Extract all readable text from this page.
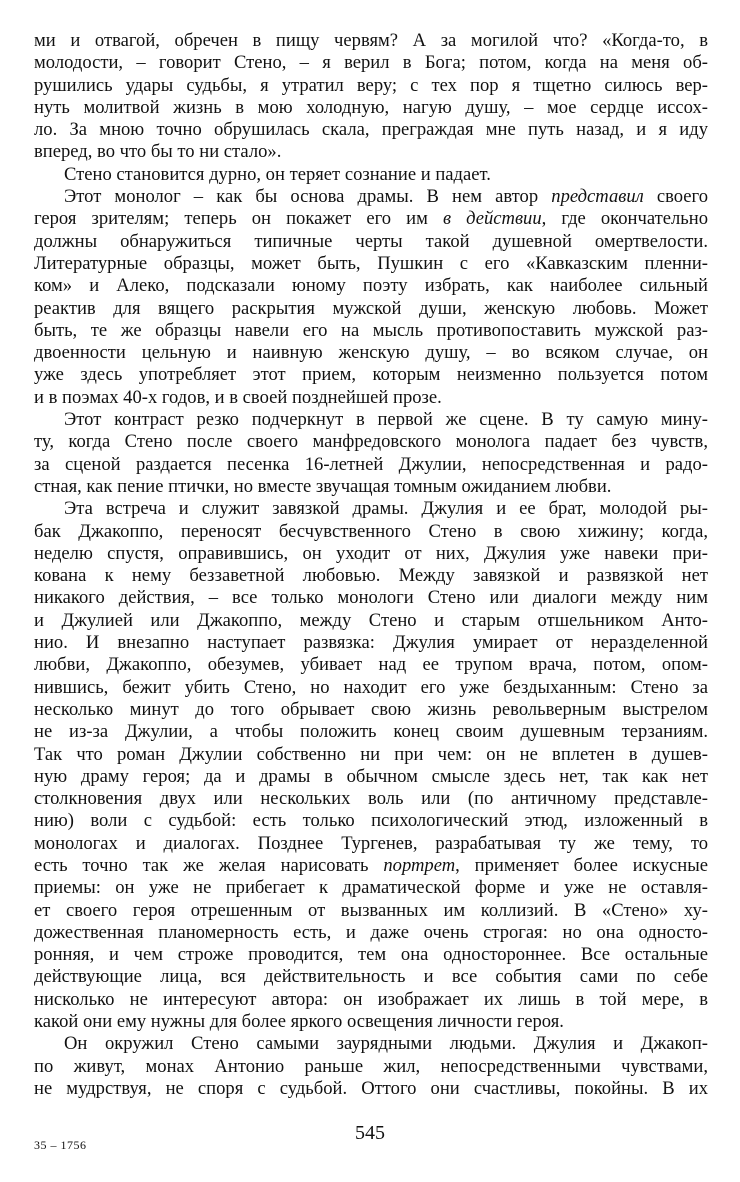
ми и отвагой, обречен в пищу червям? А за могилой что? «Когда-то, в
молодости, – говорит Стено, – я верил в Бога; потом, когда на меня об-
рушились удары судьбы, я утратил веру; с тех пор я тщетно силюсь вер-
нуть молитвой жизнь в мою холодную, нагую душу, – мое сердце иссох-
ло. За мною точно обрушилась скала, преграждая мне путь назад, и я иду
вперед, во что бы то ни стало».

Стено становится дурно, он теряет сознание и падает.

Этот монолог – как бы основа драмы. В нем автор представил своего
героя зрителям; теперь он покажет его им в действии, где окончательно
должны обнаружиться типичные черты такой душевной омертвелости.
Литературные образцы, может быть, Пушкин с его «Кавказским пленни-
ком» и Алеко, подсказали юному поэту избрать, как наиболее сильный
реактив для вящего раскрытия мужской души, женскую любовь. Может
быть, те же образцы навели его на мысль противопоставить мужской раз-
двоенности цельную и наивную женскую душу, – во всяком случае, он
уже здесь употребляет этот прием, которым неизменно пользуется потом
и в поэмах 40-х годов, и в своей позднейшей прозе.

Этот контраст резко подчеркнут в первой же сцене. В ту самую мину-
ту, когда Стено после своего манфредовского монолога падает без чувств,
за сценой раздается песенка 16-летней Джулии, непосредственная и радо-
стная, как пение птички, но вместе звучащая томным ожиданием любви.

Эта встреча и служит завязкой драмы. Джулия и ее брат, молодой ры-
бак Джакоппо, переносят бесчувственного Стено в свою хижину; когда,
неделю спустя, оправившись, он уходит от них, Джулия уже навеки при-
кована к нему беззаветной любовью. Между завязкой и развязкой нет
никакого действия, – все только монологи Стено или диалоги между ним
и Джулией или Джакоппо, между Стено и старым отшельником Анто-
нио. И внезапно наступает развязка: Джулия умирает от неразделенной
любви, Джакоппо, обезумев, убивает над ее трупом врача, потом, опом-
нившись, бежит убить Стено, но находит его уже бездыханным: Стено за
несколько минут до того обрывает свою жизнь револьверным выстрелом
не из-за Джулии, а чтобы положить конец своим душевным терзаниям.
Так что роман Джулии собственно ни при чем: он не вплетен в душев-
ную драму героя; да и драмы в обычном смысле здесь нет, так как нет
столкновения двух или нескольких воль или (по античному представле-
нию) воли с судьбой: есть только психологический этюд, изложенный в
монологах и диалогах. Позднее Тургенев, разрабатывая ту же тему, то
есть точно так же желая нарисовать портрет, применяет более искусные
приемы: он уже не прибегает к драматической форме и уже не оставля-
ет своего героя отрешенным от вызванных им коллизий. В «Стено» ху-
дожественная планомерность есть, и даже очень строгая: но она односто-
ронняя, и чем строже проводится, тем она одностороннее. Все остальные
действующие лица, вся действительность и все события сами по себе
нисколько не интересуют автора: он изображает их лишь в той мере, в
какой они ему нужны для более яркого освещения личности героя.

Он окружил Стено самыми заурядными людьми. Джулия и Джакоп-
по живут, монах Антонио раньше жил, непосредственными чувствами,
не мудрствуя, не споря с судьбой. Оттого они счастливы, покойны. В их

35 – 1756
545
